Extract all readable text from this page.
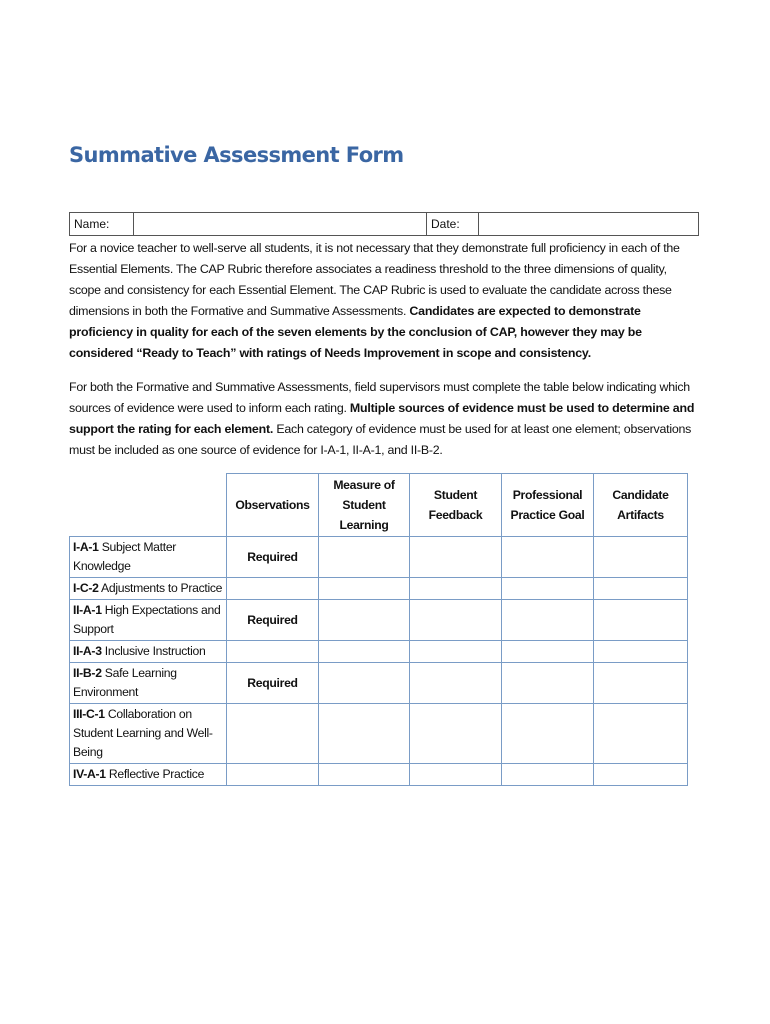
Summative Assessment Form
Name:	Date:
For a novice teacher to well-serve all students, it is not necessary that they demonstrate full proficiency in each of the Essential Elements. The CAP Rubric therefore associates a readiness threshold to the three dimensions of quality, scope and consistency for each Essential Element. The CAP Rubric is used to evaluate the candidate across these dimensions in both the Formative and Summative Assessments. Candidates are expected to demonstrate proficiency in quality for each of the seven elements by the conclusion of CAP, however they may be considered “Ready to Teach” with ratings of Needs Improvement in scope and consistency.
For both the Formative and Summative Assessments, field supervisors must complete the table below indicating which sources of evidence were used to inform each rating. Multiple sources of evidence must be used to determine and support the rating for each element. Each category of evidence must be used for at least one element; observations must be included as one source of evidence for I-A-1, II-A-1, and II-B-2.
	Observations	Measure of Student Learning	Student Feedback	Professional Practice Goal	Candidate Artifacts
I-A-1 Subject Matter Knowledge	Required				
I-C-2 Adjustments to Practice					
II-A-1 High Expectations and Support	Required				
II-A-3 Inclusive Instruction					
II-B-2 Safe Learning Environment	Required				
III-C-1 Collaboration on Student Learning and Well-Being					
IV-A-1 Reflective Practice					
